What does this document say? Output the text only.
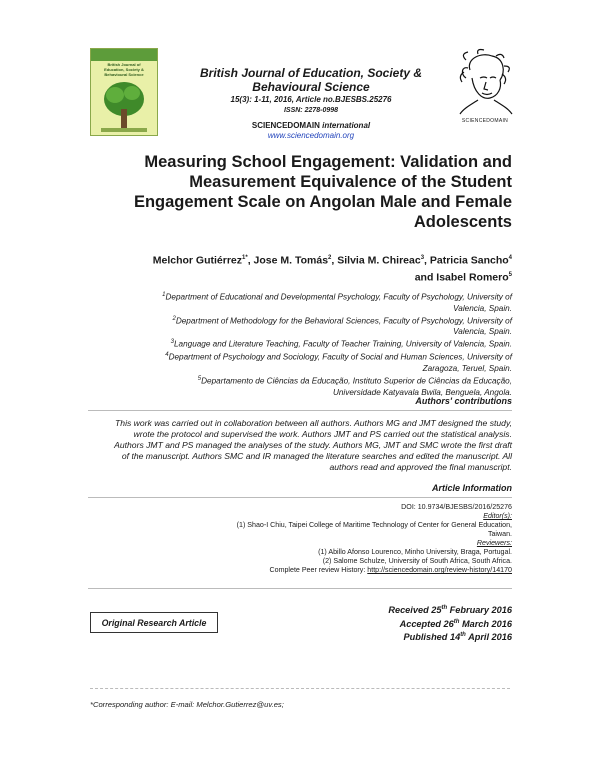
British Journal of Education, Society & Behavioural Science	British Journal of Education, Society &
Behavioural Science
15(3): 1-11, 2016, Article no.BJESBS.25276
ISSN: 2278-0998
SCIENCEDOMAIN international
www.sciencedomain.org
SCIENCEDOMAIN
Measuring School Engagement: Validation and
Measurement Equivalence of the Student
Engagement Scale on Angolan Male and Female
Adolescents
Melchor Gutiérrez$^{1*}$, Jose M. Tomás$^2$, Silvia M. Chireac$^3$, Patricia Sancho$^4$
and Isabel Romero$^5$
$^1$Department of Educational and Developmental Psychology, Faculty of Psychology, University of
Valencia, Spain.
$^2$Department of Methodology for the Behavioral Sciences, Faculty of Psychology, University of
Valencia, Spain.
$^3$Language and Literature Teaching, Faculty of Teacher Training, University of Valencia, Spain.
$^4$Department of Psychology and Sociology, Faculty of Social and Human Sciences, University of
Zaragoza, Teruel, Spain.
$^5$Departamento de Ciências da Educação, Instituto Superior de Ciências da Educação,
Universidade Katyavala Bwila, Benguela, Angola.
Authors' contributions
This work was carried out in collaboration between all authors. Authors MG and JMT designed the study,
wrote the protocol and supervised the work. Authors JMT and PS carried out the statistical analysis.
Authors JMT and PS managed the analyses of the study. Authors MG, JMT and SMC wrote the first draft
of the manuscript. Authors SMC and IR managed the literature searches and edited the manuscript. All
authors read and approved the final manuscript.
Article Information
DOI: 10.9734/BJESBS/2016/25276
Editor(s):
(1) Shao-I Chiu, Taipei College of Maritime Technology of Center for General Education,
Taiwan.
Reviewers:
(1) Abillo Afonso Lourenco, Minho University, Braga, Portugal.
(2) Salome Schulze, University of South Africa, South Africa.
Complete Peer review History: http://sciencedomain.org/review-history/14170
Received 25th February 2016
Accepted 26th March 2016
Published 14th April 2016
Original Research Article
*Corresponding author: E-mail: Melchor.Gutierrez@uv.es;
